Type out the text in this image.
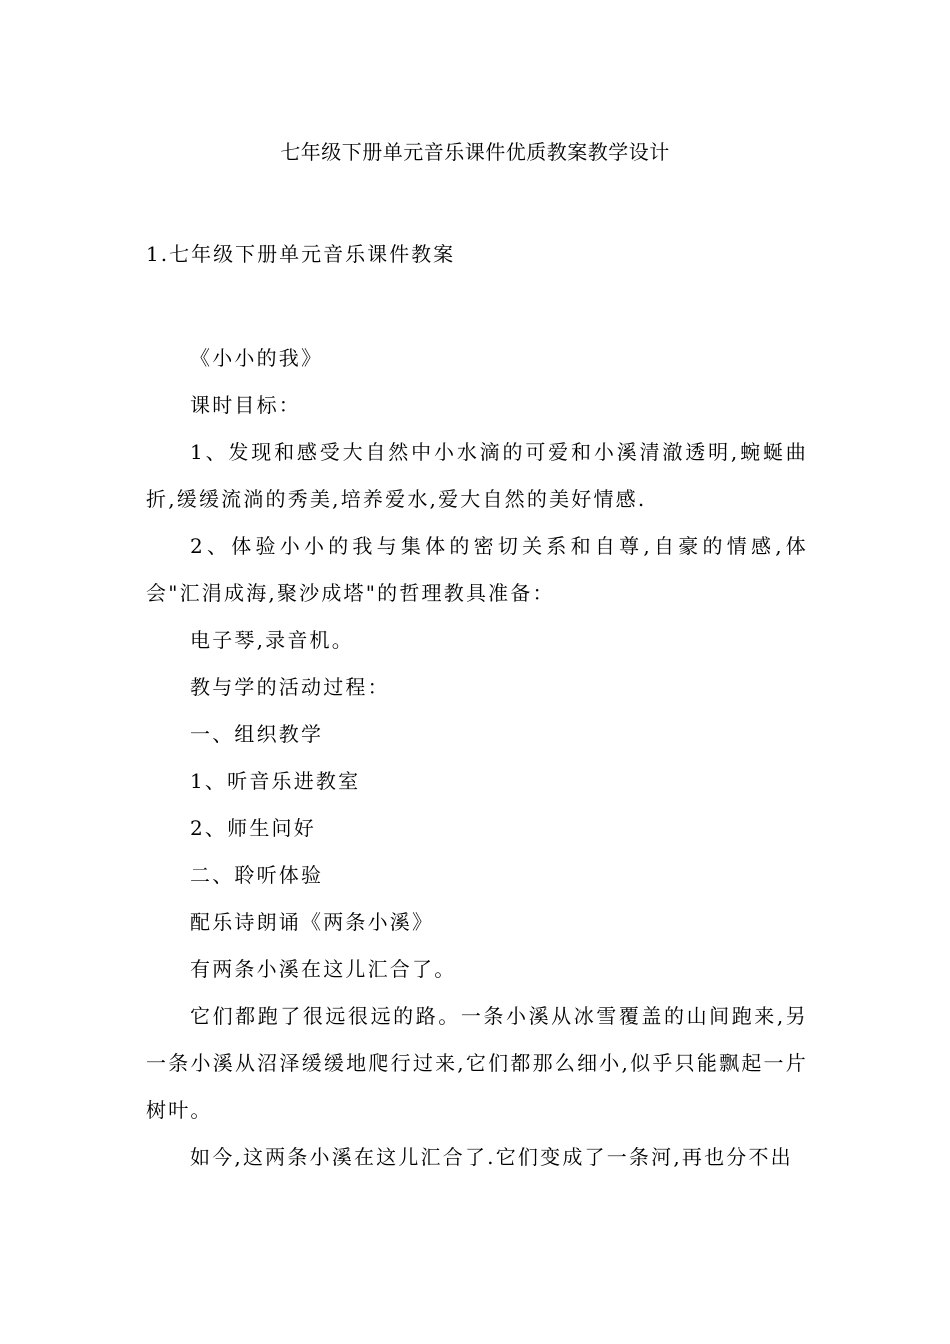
七年级下册单元音乐课件优质教案教学设计
1.七年级下册单元音乐课件教案

《小小的我》

课时目标：

1、发现和感受大自然中小水滴的可爱和小溪清澈透明,蜿蜒曲折,缓缓流淌的秀美,培养爱水,爱大自然的美好情感.

2、体验小小的我与集体的密切关系和自尊,自豪的情感,体会"汇涓成海,聚沙成塔"的哲理教具准备：

电子琴,录音机。

教与学的活动过程：

一、组织教学

1、听音乐进教室

2、师生问好

二、聆听体验

配乐诗朗诵《两条小溪》

有两条小溪在这儿汇合了。

它们都跑了很远很远的路。一条小溪从冰雪覆盖的山间跑来,另一条小溪从沼泽缓缓地爬行过来,它们都那么细小,似乎只能飘起一片树叶。

如今,这两条小溪在这儿汇合了.它们变成了一条河,再也分不出
